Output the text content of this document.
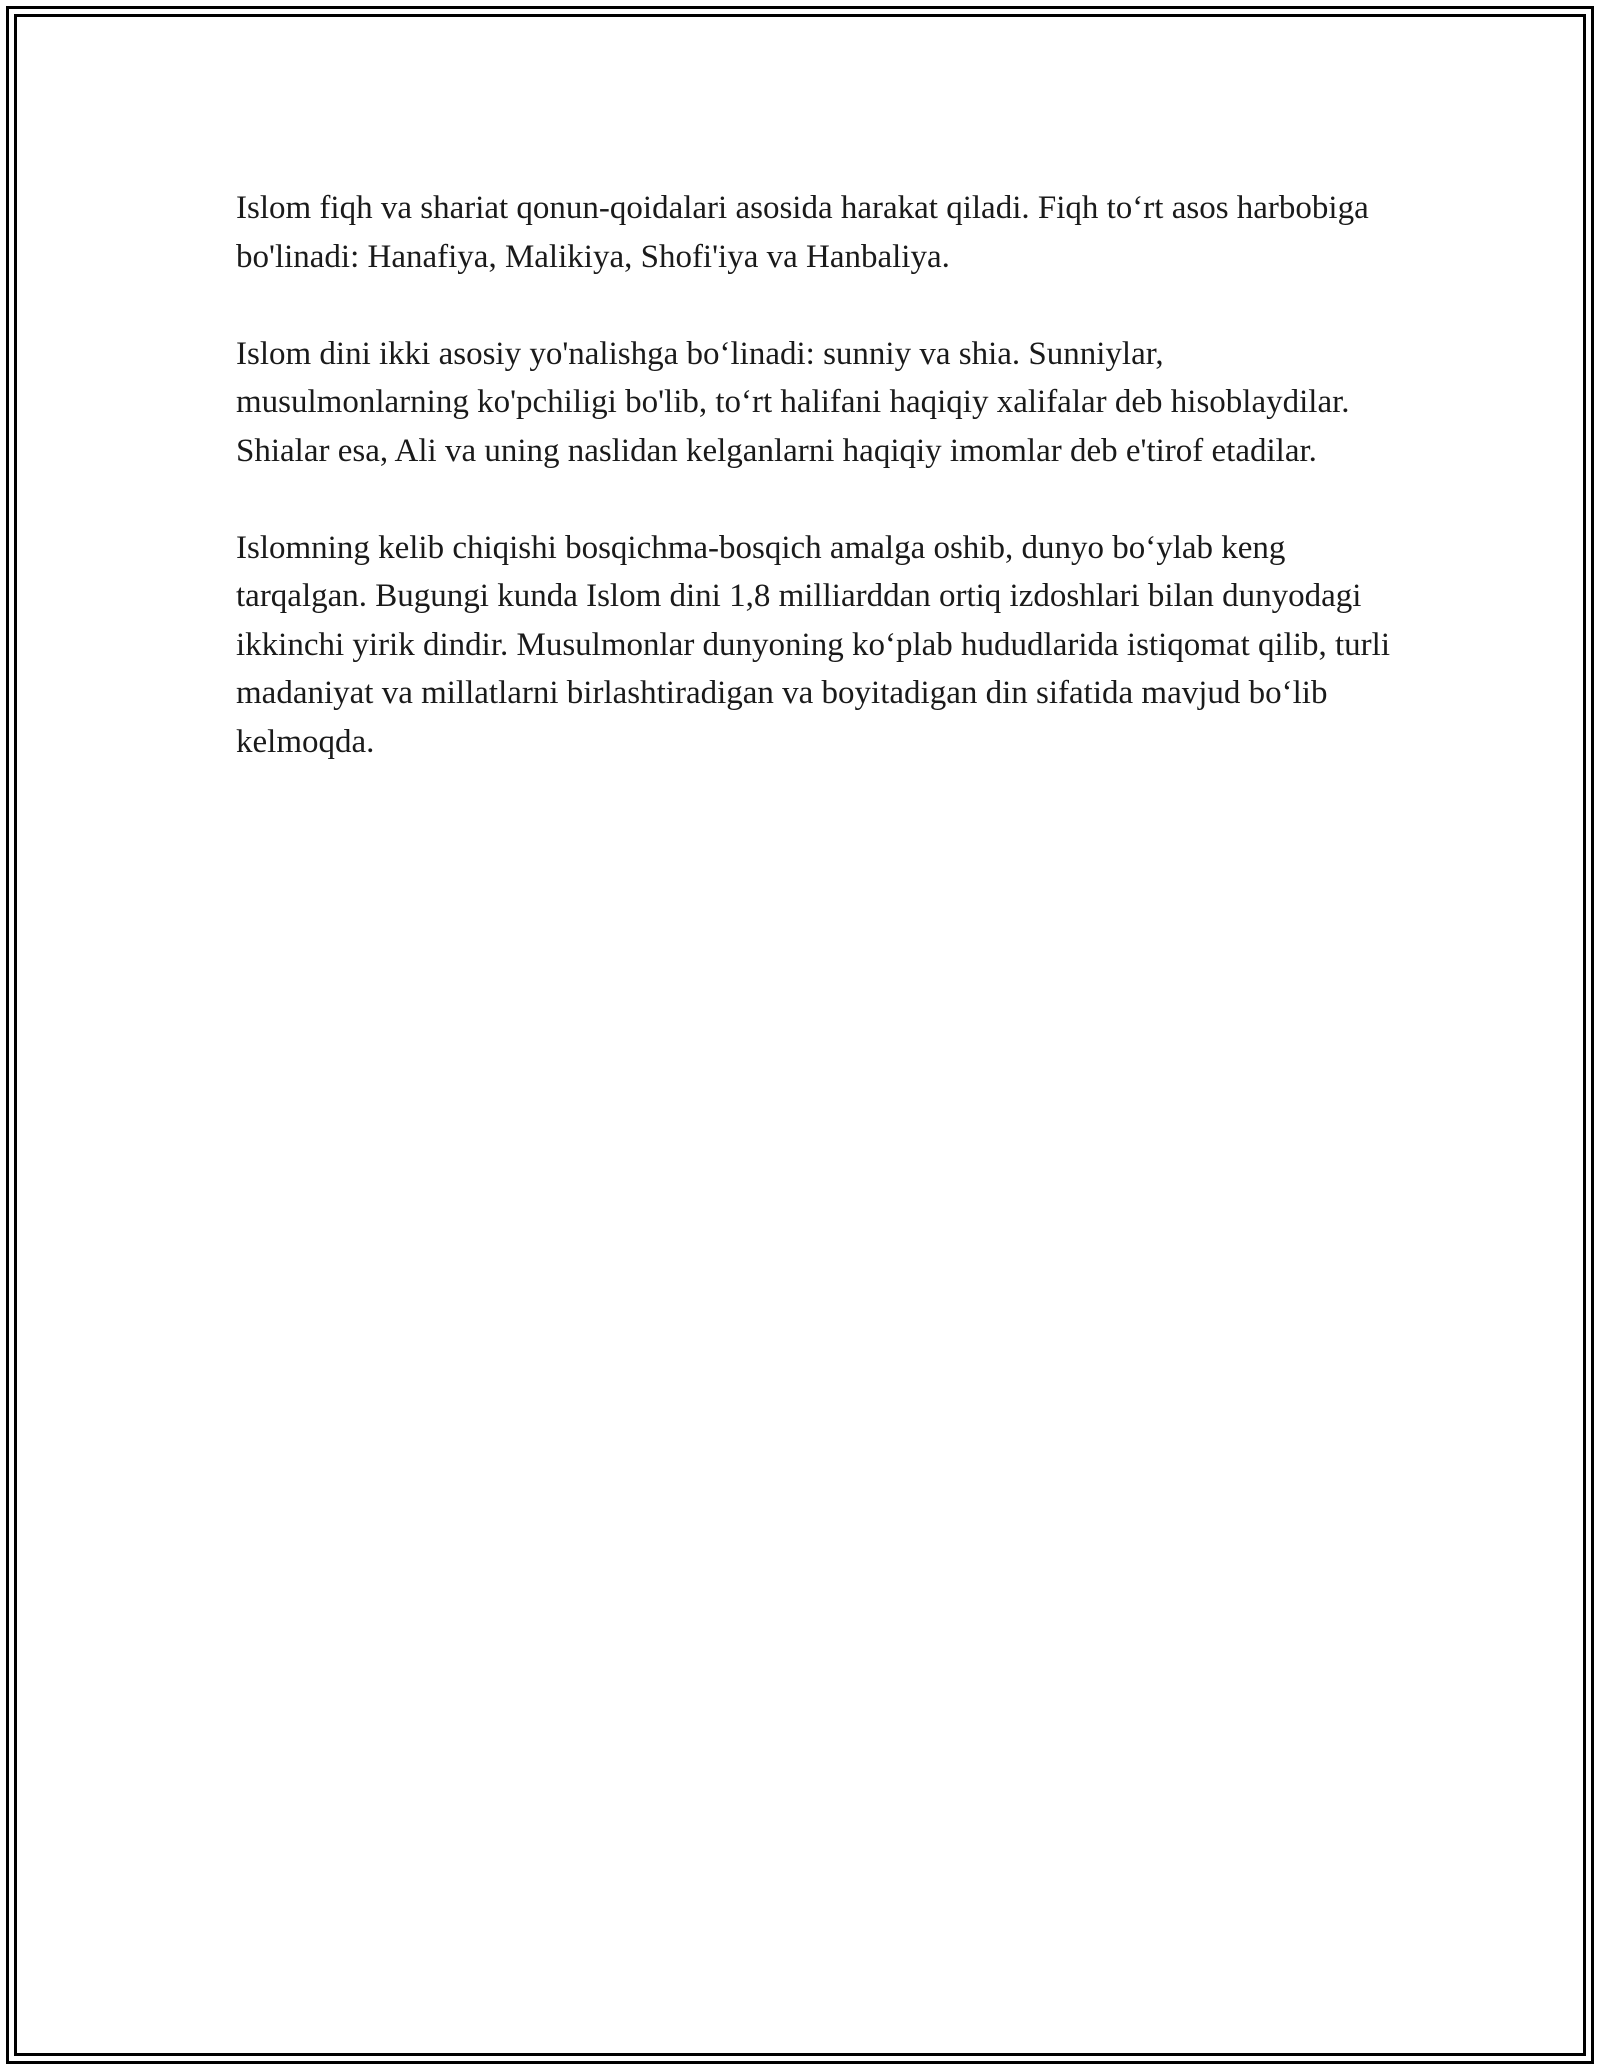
Islom fiqh va shariat qonun-qoidalari asosida harakat qiladi. Fiqh to‘rt asos harbobiga bo'linadi: Hanafiya, Malikiya, Shofi'iya va Hanbaliya.

Islom dini ikki asosiy yo'nalishga bo‘linadi: sunniy va shia. Sunniylar, musulmonlarning ko'pchiligi bo'lib, to‘rt halifani haqiqiy xalifalar deb hisoblaydilar. Shialar esa, Ali va uning naslidan kelganlarni haqiqiy imomlar deb e'tirof etadilar.

Islomning kelib chiqishi bosqichma-bosqich amalga oshib, dunyo bo‘ylab keng tarqalgan. Bugungi kunda Islom dini 1,8 milliarddan ortiq izdoshlari bilan dunyodagi ikkinchi yirik dindir. Musulmonlar dunyoning ko‘plab hududlarida istiqomat qilib, turli madaniyat va millatlarni birlashtiradigan va boyitadigan din sifatida mavjud bo‘lib kelmoqda.
